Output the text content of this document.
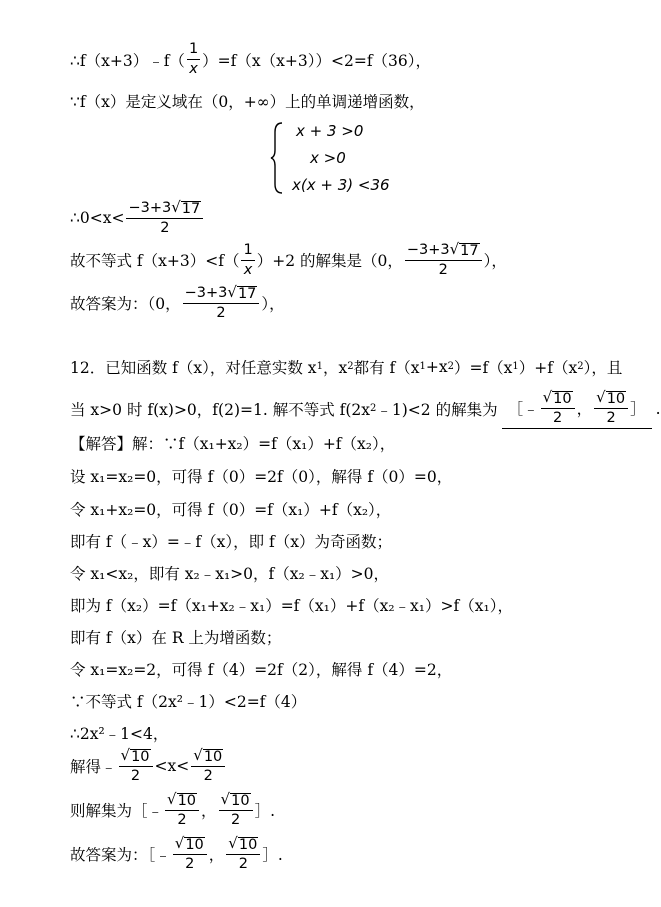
∴f（x+3）﹣f（ $\frac{1}{x} )=f(x(x+3))<2=f(36)$，
∵f（x）是定义域在（0，+∞）上的单调递增函数，
x + 3 >0
x >0
x(x + 3) <36
∴0<x< $\frac{-3+3 √ 17}{2}$
故不等式 $f(x+3)<f( \frac{1}{x} )+2$ 的解集是（0， $\frac{-3+3 √ 17}{2}$ ），
故答案为：（0， $\frac{-3+3 √ 17}{2}$ ），
12．已知函数 f（x），对任意实数 x 1 ，x 2 都有 f（x 1 +x 2 ）=f（x 1 ）+f（x 2 ），且
当 x>0 时 f(x)>0，f(2)=1. 解不等式 f(2x 2 ﹣1)<2 的解集为 ［﹣ $\frac{√ 10}{2}$ ， $\frac{√ 10}{2}$ ］ .
【解答】解：∵f（x₁+x₂）=f（x₁）+f（x₂），
设 x₁=x₂=0，可得 f（0）=2f（0），解得 f（0）=0，
令 x₁+x₂=0，可得 f（0）=f（x₁）+f（x₂），
即有 f（﹣x）=﹣f（x），即 f（x）为奇函数；
令 x₁<x₂，即有 x₂﹣x₁>0，f（x₂﹣x₁）>0，
即为 f（x₂）=f（x₁+x₂﹣x₁）=f（x₁）+f（x₂﹣x₁）>f（x₁），
即有 f（x）在 R 上为增函数；
令 x₁=x₂=2，可得 f（4）=2f（2），解得 f（4）=2，
∵不等式 f（2x²﹣1）<2=f（4）
∴2x²﹣1<4，
解得﹣ $\frac{√ 10}{2} <x< \frac{√ 10}{2}$
则解集为［﹣ $\frac{√ 10}{2}$ ， $\frac{√ 10}{2}$ ］.
故答案为：［﹣ $\frac{√ 10}{2}$ ， $\frac{√ 10}{2}$ ］.
